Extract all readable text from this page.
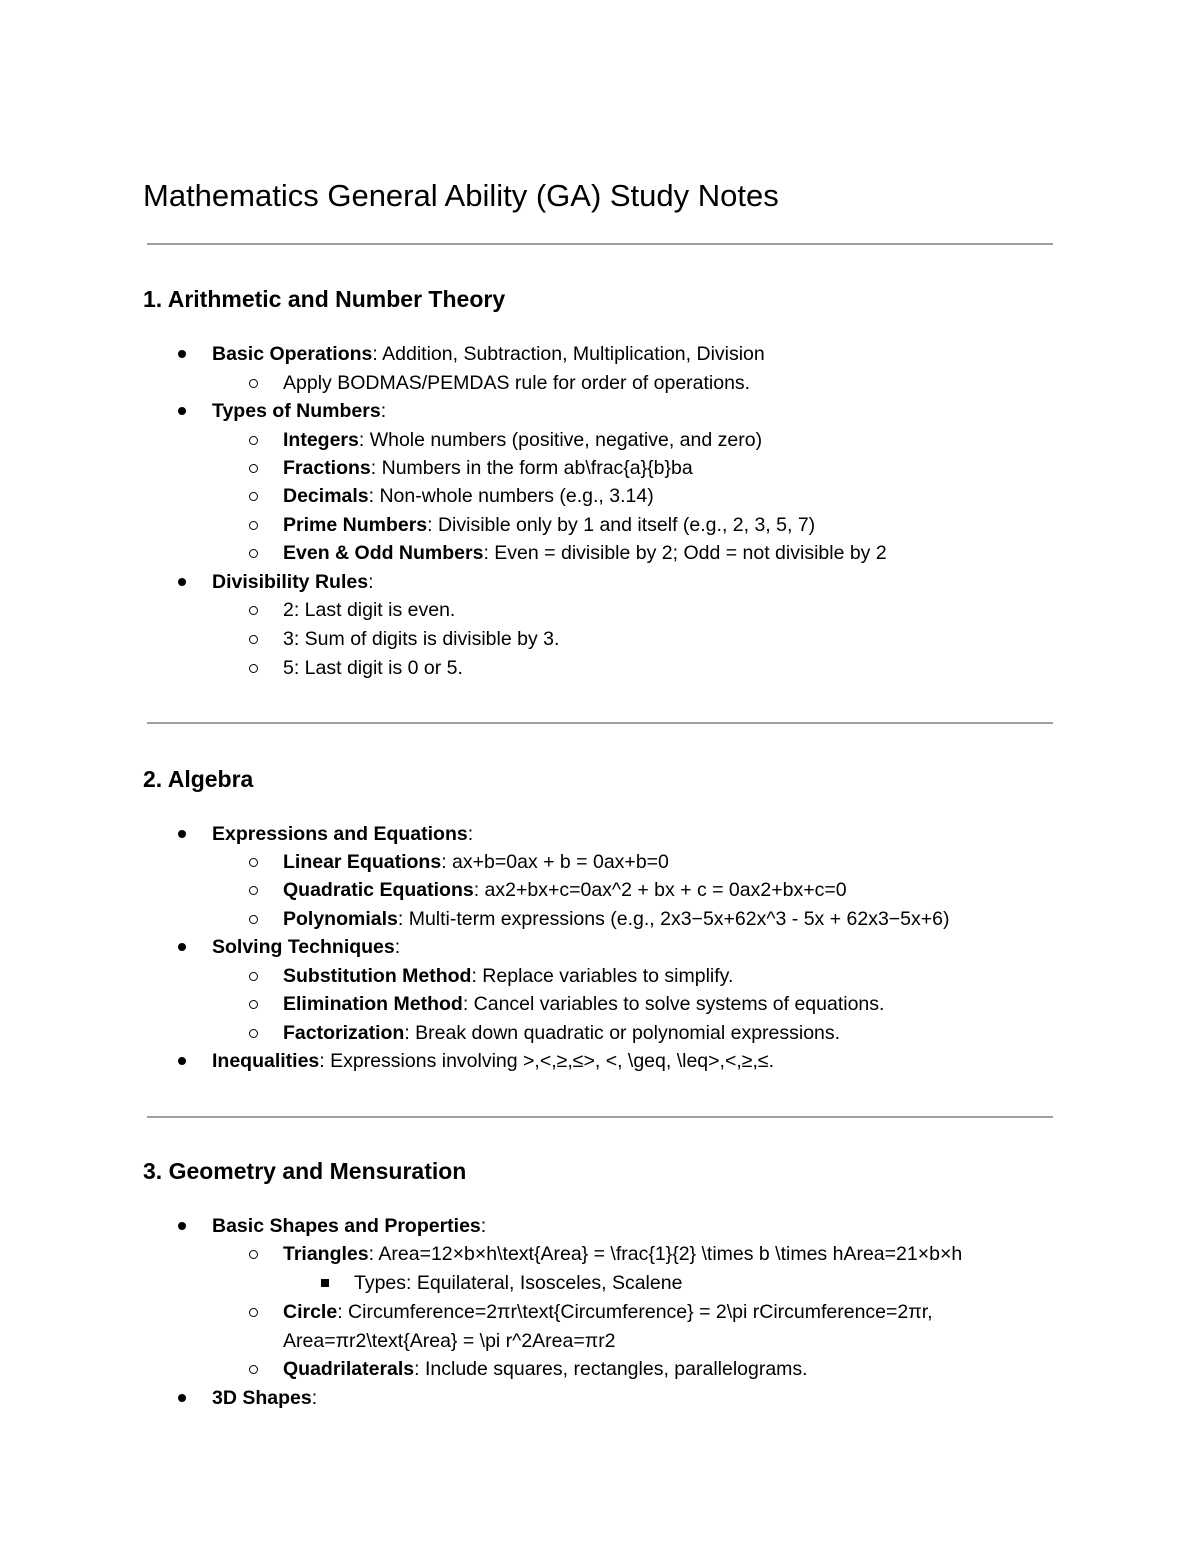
Mathematics General Ability (GA) Study Notes
1. Arithmetic and Number Theory
Basic Operations: Addition, Subtraction, Multiplication, Division
Apply BODMAS/PEMDAS rule for order of operations.
Types of Numbers:
Integers: Whole numbers (positive, negative, and zero)
Fractions: Numbers in the form ab\frac{a}{b}ba
Decimals: Non-whole numbers (e.g., 3.14)
Prime Numbers: Divisible only by 1 and itself (e.g., 2, 3, 5, 7)
Even & Odd Numbers: Even = divisible by 2; Odd = not divisible by 2
Divisibility Rules:
2: Last digit is even.
3: Sum of digits is divisible by 3.
5: Last digit is 0 or 5.
2. Algebra
Expressions and Equations:
Linear Equations: ax+b=0ax + b = 0ax+b=0
Quadratic Equations: ax2+bx+c=0ax^2 + bx + c = 0ax2+bx+c=0
Polynomials: Multi-term expressions (e.g., 2x3−5x+62x^3 - 5x + 62x3−5x+6)
Solving Techniques:
Substitution Method: Replace variables to simplify.
Elimination Method: Cancel variables to solve systems of equations.
Factorization: Break down quadratic or polynomial expressions.
Inequalities: Expressions involving >,<,≥,≤>, <, \geq, \leq>,<,≥,≤.
3. Geometry and Mensuration
Basic Shapes and Properties:
Triangles: Area=12×b×h\text{Area} = \frac{1}{2} \times b \times hArea=21×b×h
Types: Equilateral, Isosceles, Scalene
Circle: Circumference=2πr\text{Circumference} = 2\pi rCircumference=2πr,
Area=πr2\text{Area} = \pi r^2Area=πr2
Quadrilaterals: Include squares, rectangles, parallelograms.
3D Shapes:
